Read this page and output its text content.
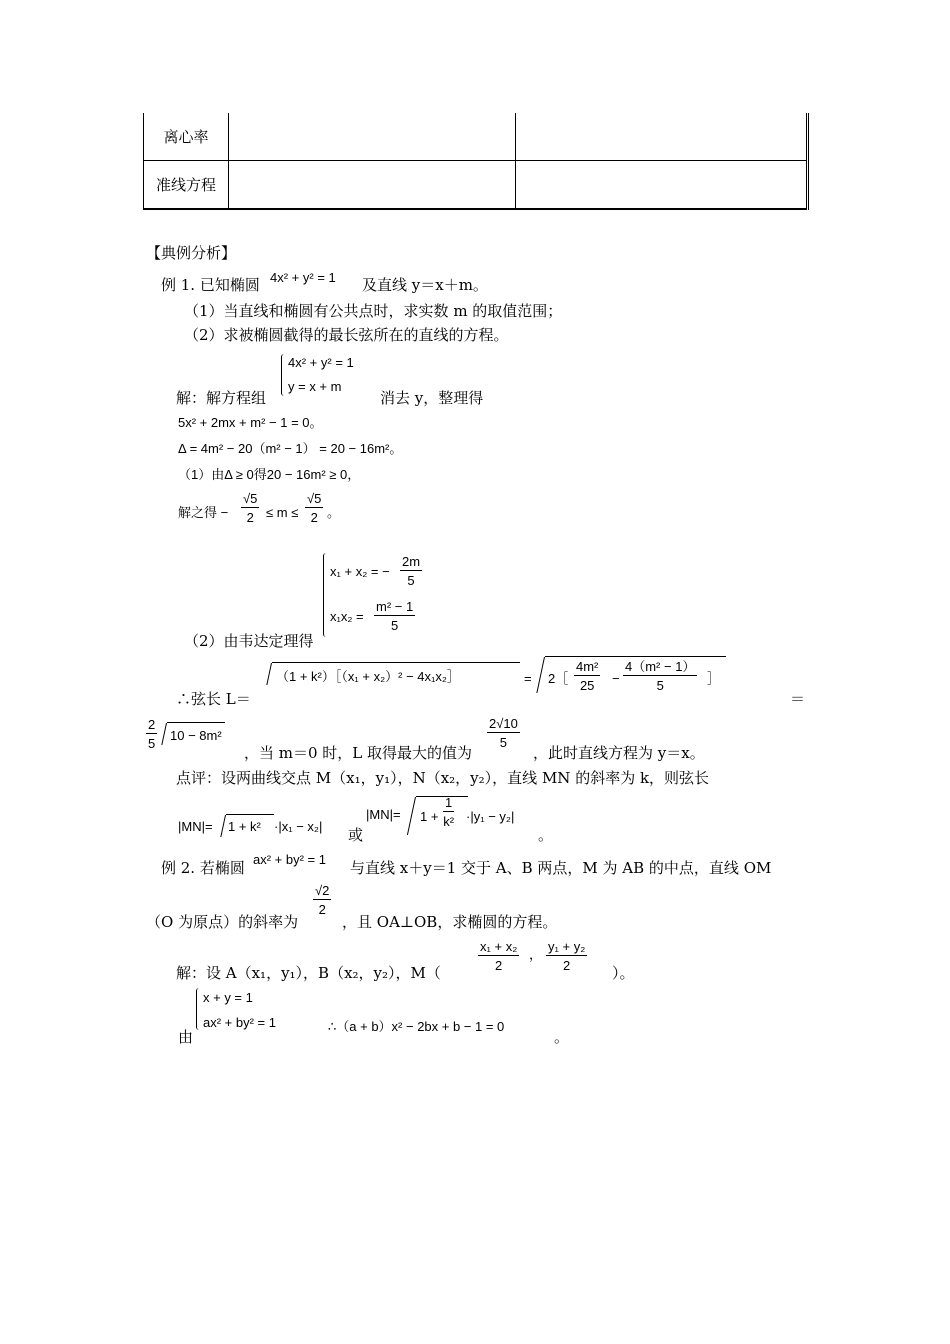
离心率		
准线方程		
【典例分析】
例 1. 已知椭圆 4x² + y² = 1 及直线 y＝x＋m。
（1）当直线和椭圆有公共点时，求实数 m 的取值范围；
（2）求被椭圆截得的最长弦所在的直线的方程。
4x² + y² = 1
y = x + m
解：解方程组	消去 y，整理得
5x² + 2mx + m² − 1 = 0。
Δ = 4m² − 20（m² − 1） = 20 − 16m²。
（1）由Δ ≥ 0得20 − 16m² ≥ 0，
解之得 − $\frac{√5}{2} \le m \le \frac{√5}{2}$ 。
x₁ + x₂ = − $\frac{2m}{5}$
$x_1x_2 = \frac{\text{m² − 1}}{5}$
（2）由韦达定理得
（1 + k²）［（x₁ + x₂）² − 4x₁x₂］	= 2［ $\frac{\text{4m²}}{25} - \frac{\text{4（m² − 1）}}{5}$ ］
∴弦长 L＝	＝
$\frac{2}{5} 10 - 8m^2$
，当 m＝0 时，L 取得最大的值为
$\frac{2√10}{5}$
，此时直线方程为 y＝x。
点评：设两曲线交点 M（x₁，y₁），N（x₂，y₂），直线 MN 的斜率为 k，则弦长
|MN|= 1 + k² ·|x₁ − x₂| 或
$|MN|= 1 + \frac{1}{\text{k²}} \cdot|y_1 - y_2|$
。
例 2. 若椭圆 ax² + by² = 1 与直线 x＋y＝1 交于 A、B 两点，M 为 AB 的中点，直线 OM
（O 为原点）的斜率为
$\frac{√2}{2}$
，且 OA⊥OB，求椭圆的方程。
解：设 A（x₁，y₁），B（x₂，y₂），M（
$\frac{\text{x₁ + x₂}}{2}$ ， $\frac{\text{y₁ + y₂}}{2}$
）。
x + y = 1
ax² + by² = 1
由
∴（a + b）x² − 2bx + b − 1 = 0
。
